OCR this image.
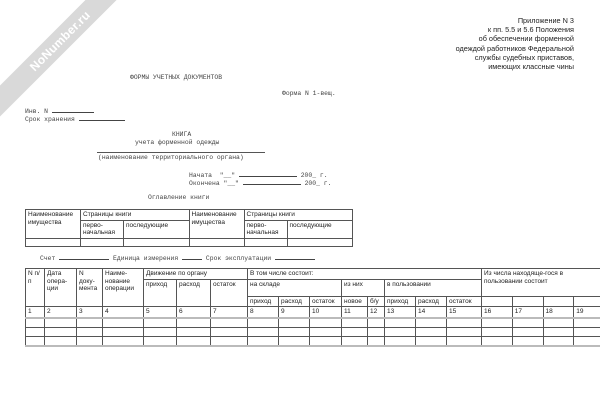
NoNumber.ru	Приложение N 3
к пп. 5.5 и 5.6 Положения
об обеспечении форменной
одеждой работников Федеральной
службы судебных приставов,
имеющих классные чины
ФОРМЫ УЧЕТНЫХ ДОКУМЕНТОВ
Форма N 1-вещ.
Инв. N
Срок хранения
КНИГА
учета форменной одежды
(наименование территориального органа)
Начата "__"	200_ г.
Окончена "__"	200_ г.
Оглавление книги
Наименование имущества	Страницы книги		Наименование имущества	Страницы книги	
	перво-начальная	последующие		перво-начальная	последующие

Счет	Единица измерения	Срок эксплуатации
N п/п	Дата опера-ции	N доку-мента	Наиме-нование операции	Движение по органу			В том числе состоит:								Из числа находяще-гося в пользовании состоит			
				приход	расход	остаток	на складе			из них		в пользовании						
							приход	расход	остаток	новое	б/у	приход	расход	остаток				
1	2	3	4	5	6	7	8	9	10	11	12	13	14	15	16	17	18	19
